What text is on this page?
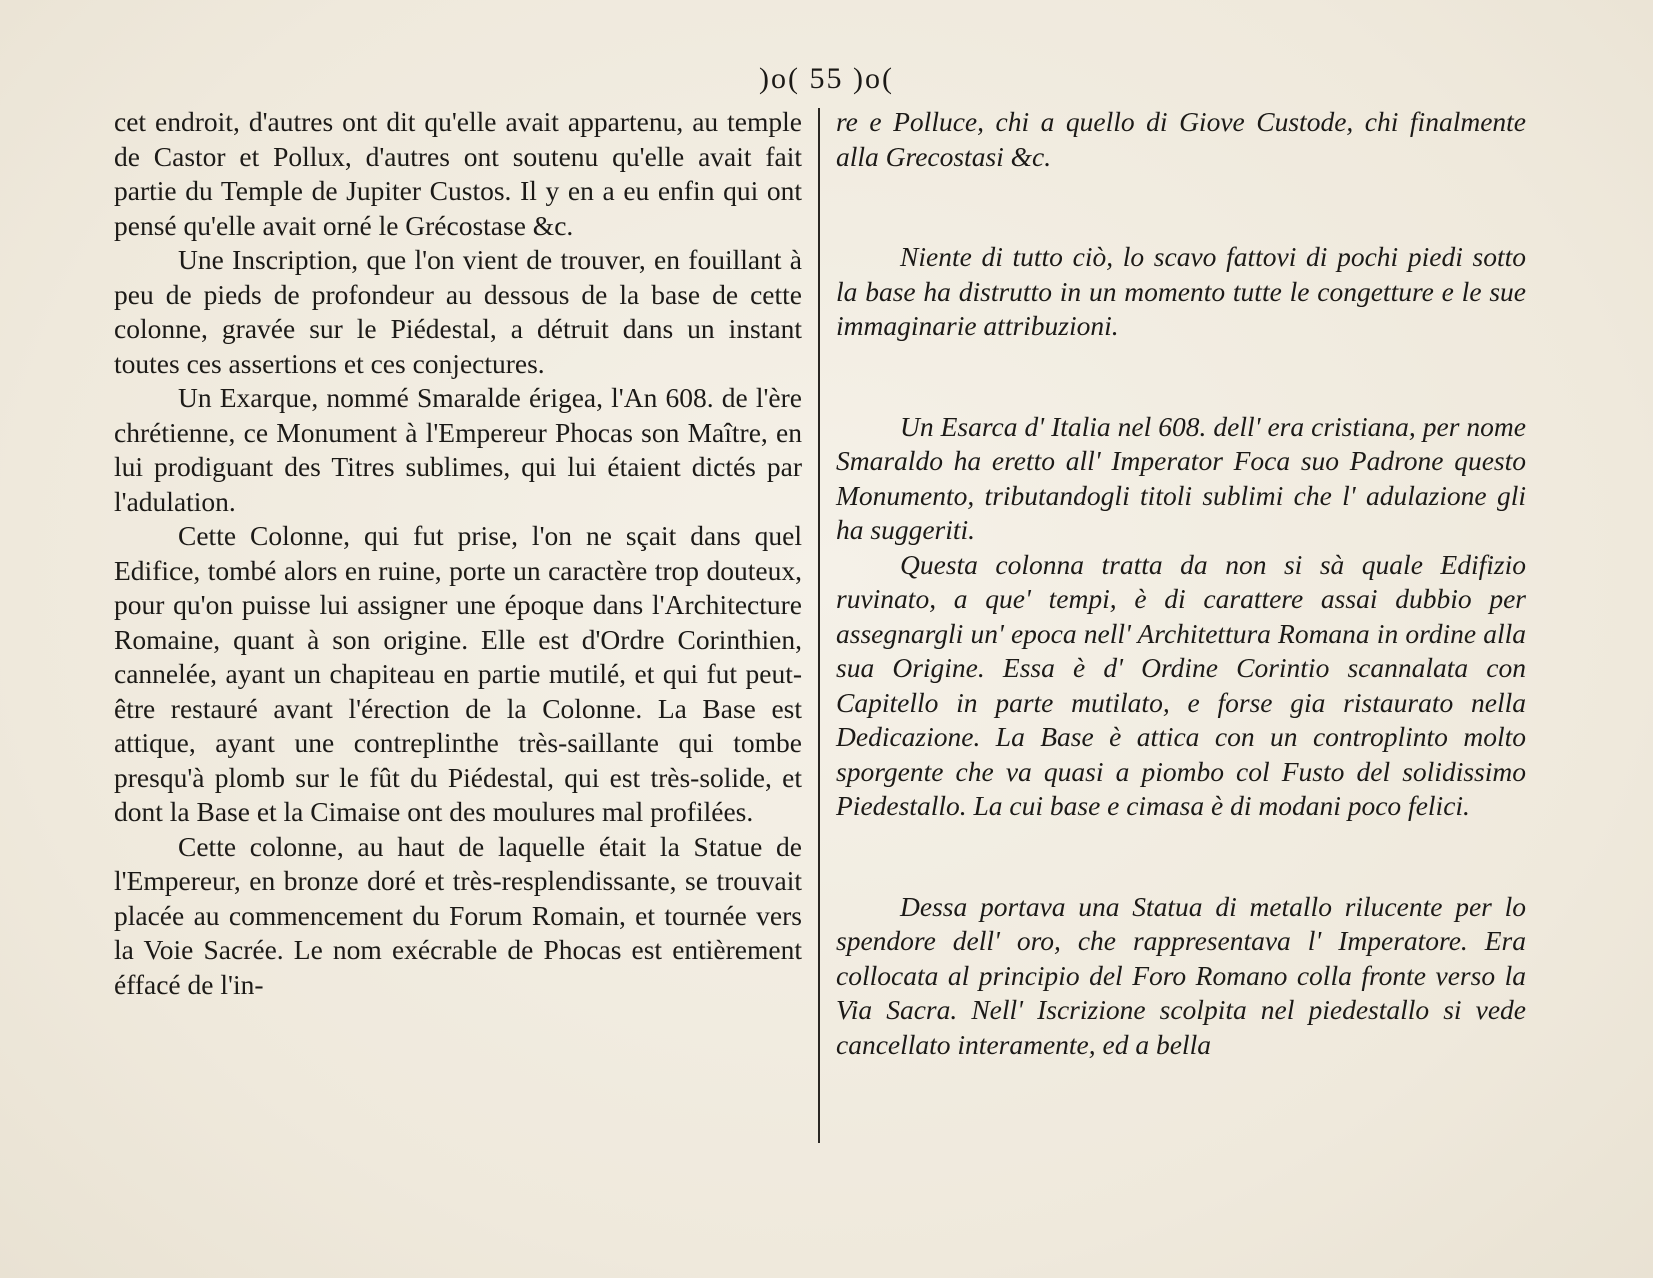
)o( 55 )o(

cet endroit, d'autres ont dit qu'elle avait appartenu, au temple de Castor et Pollux, d'autres ont soutenu qu'elle avait fait partie du Temple de Jupiter Custos. Il y en a eu enfin qui ont pensé qu'elle avait orné le Grécostase &c.

Une Inscription, que l'on vient de trouver, en fouillant à peu de pieds de profondeur au dessous de la base de cette colonne, gravée sur le Piédestal, a détruit dans un instant toutes ces assertions et ces conjectures.

Un Exarque, nommé Smaralde érigea, l'An 608. de l'ère chrétienne, ce Monument à l'Empereur Phocas son Maître, en lui prodiguant des Titres sublimes, qui lui étaient dictés par l'adulation.

Cette Colonne, qui fut prise, l'on ne sçait dans quel Edifice, tombé alors en ruine, porte un caractère trop douteux, pour qu'on puisse lui assigner une époque dans l'Architecture Romaine, quant à son origine. Elle est d'Ordre Corinthien, cannelée, ayant un chapiteau en partie mutilé, et qui fut peut-être restauré avant l'érection de la Colonne. La Base est attique, ayant une contreplinthe très-saillante qui tombe presqu'à plomb sur le fût du Piédestal, qui est très-solide, et dont la Base et la Cimaise ont des moulures mal profilées.

Cette colonne, au haut de laquelle était la Statue de l'Empereur, en bronze doré et très-resplendissante, se trouvait placée au commencement du Forum Romain, et tournée vers la Voie Sacrée. Le nom exécrable de Phocas est entièrement éffacé de l'in-

re e Polluce, chi a quello di Giove Custode, chi finalmente alla Grecostasi &c.

Niente di tutto ciò, lo scavo fattovi di pochi piedi sotto la base ha distrutto in un momento tutte le congetture e le sue immaginarie attribuzioni.

Un Esarca d' Italia nel 608. dell' era cristiana, per nome Smaraldo ha eretto all' Imperator Foca suo Padrone questo Monumento, tributandogli titoli sublimi che l' adulazione gli ha suggeriti.

Questa colonna tratta da non si sà quale Edifizio ruvinato, a que' tempi, è di carattere assai dubbio per assegnargli un' epoca nell' Architettura Romana in ordine alla sua Origine. Essa è d' Ordine Corintio scannalata con Capitello in parte mutilato, e forse gia ristaurato nella Dedicazione. La Base è attica con un controplinto molto sporgente che va quasi a piombo col Fusto del solidissimo Piedestallo. La cui base e cimasa è di modani poco felici.

Dessa portava una Statua di metallo rilucente per lo spendore dell' oro, che rappresentava l' Imperatore. Era collocata al principio del Foro Romano colla fronte verso la Via Sacra. Nell' Iscrizione scolpita nel piedestallo si vede cancellato interamente, ed a bella
